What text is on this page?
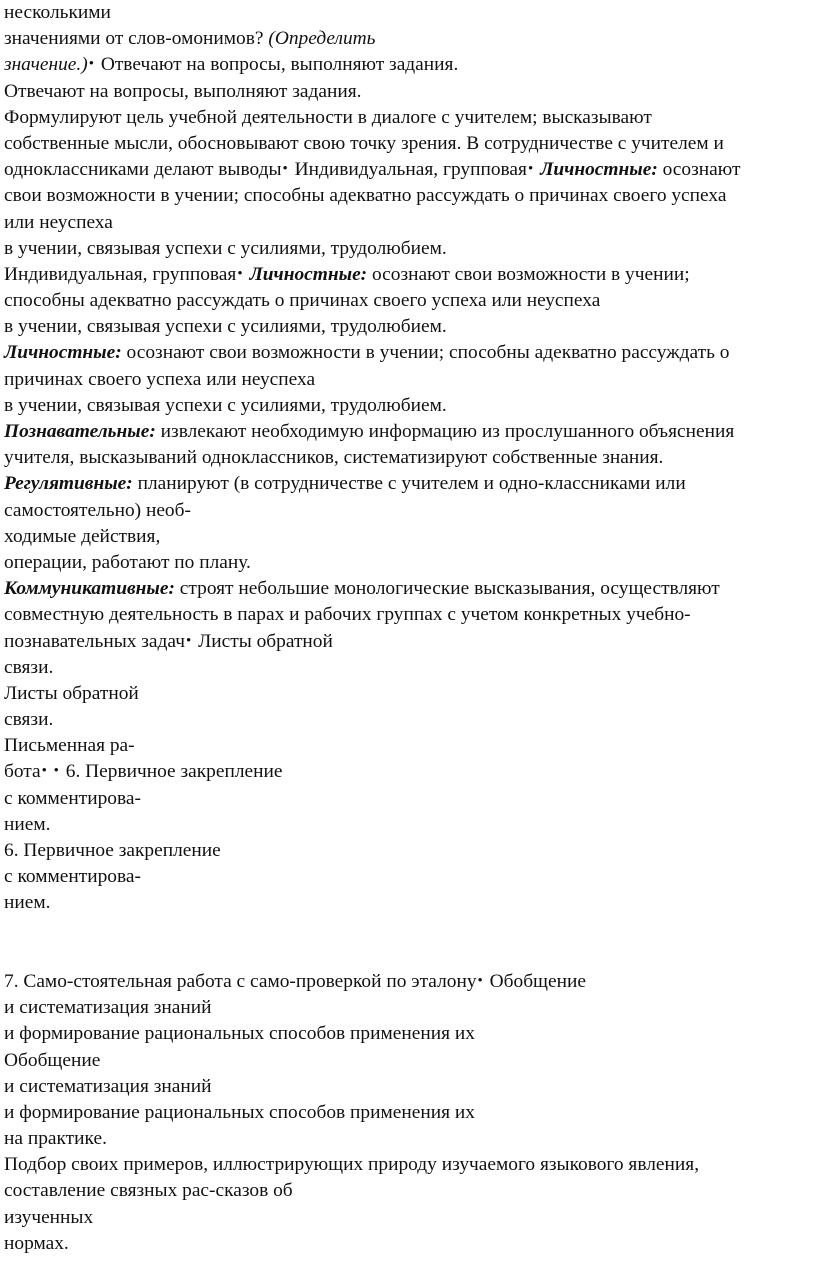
несколькими
значениями от слов-омонимов? (Определить
значение.)• Отвечают на вопросы, выполняют задания.
Отвечают на вопросы, выполняют задания.
Формулируют цель учебной деятельности в диалоге с учителем; высказывают
собственные мысли, обосновывают свою точку зрения. В сотрудничестве с учителем и
одноклассниками делают выводы• Индивидуальная, групповая• Личностные: осознают
свои возможности в учении; способны адекватно рассуждать о причинах своего успеха
или неуспеха
в учении, связывая успехи с усилиями, трудолюбием.
Индивидуальная, групповая• Личностные: осознают свои возможности в учении;
способны адекватно рассуждать о причинах своего успеха или неуспеха
в учении, связывая успехи с усилиями, трудолюбием.
Личностные: осознают свои возможности в учении; способны адекватно рассуждать о
причинах своего успеха или неуспеха
в учении, связывая успехи с усилиями, трудолюбием.
Познавательные: извлекают необходимую информацию из прослушанного объяснения
учителя, высказываний одноклассников, систематизируют собственные знания.
Регулятивные: планируют (в сотрудничестве с учителем и одно-классниками или
самостоятельно) необ-
ходимые действия,
операции, работают по плану.
Коммуникативные: строят небольшие монологические высказывания, осуществляют
совместную деятельность в парах и рабочих группах с учетом конкретных учебно-
познавательных задач• Листы обратной
связи.
Листы обратной
связи.
Письменная ра-
бота• • 6. Первичное закрепление
с комментирова-
нием.
6. Первичное закрепление
с комментирова-
нием.
7. Само-стоятельная работа с само-проверкой по эталону• Обобщение
и систематизация знаний
и формирование рациональных способов применения их
Обобщение
и систематизация знаний
и формирование рациональных способов применения их
на практике.
Подбор своих примеров, иллюстрирующих природу изучаемого языкового явления,
составление связных рас-сказов об
изученных
нормах.
